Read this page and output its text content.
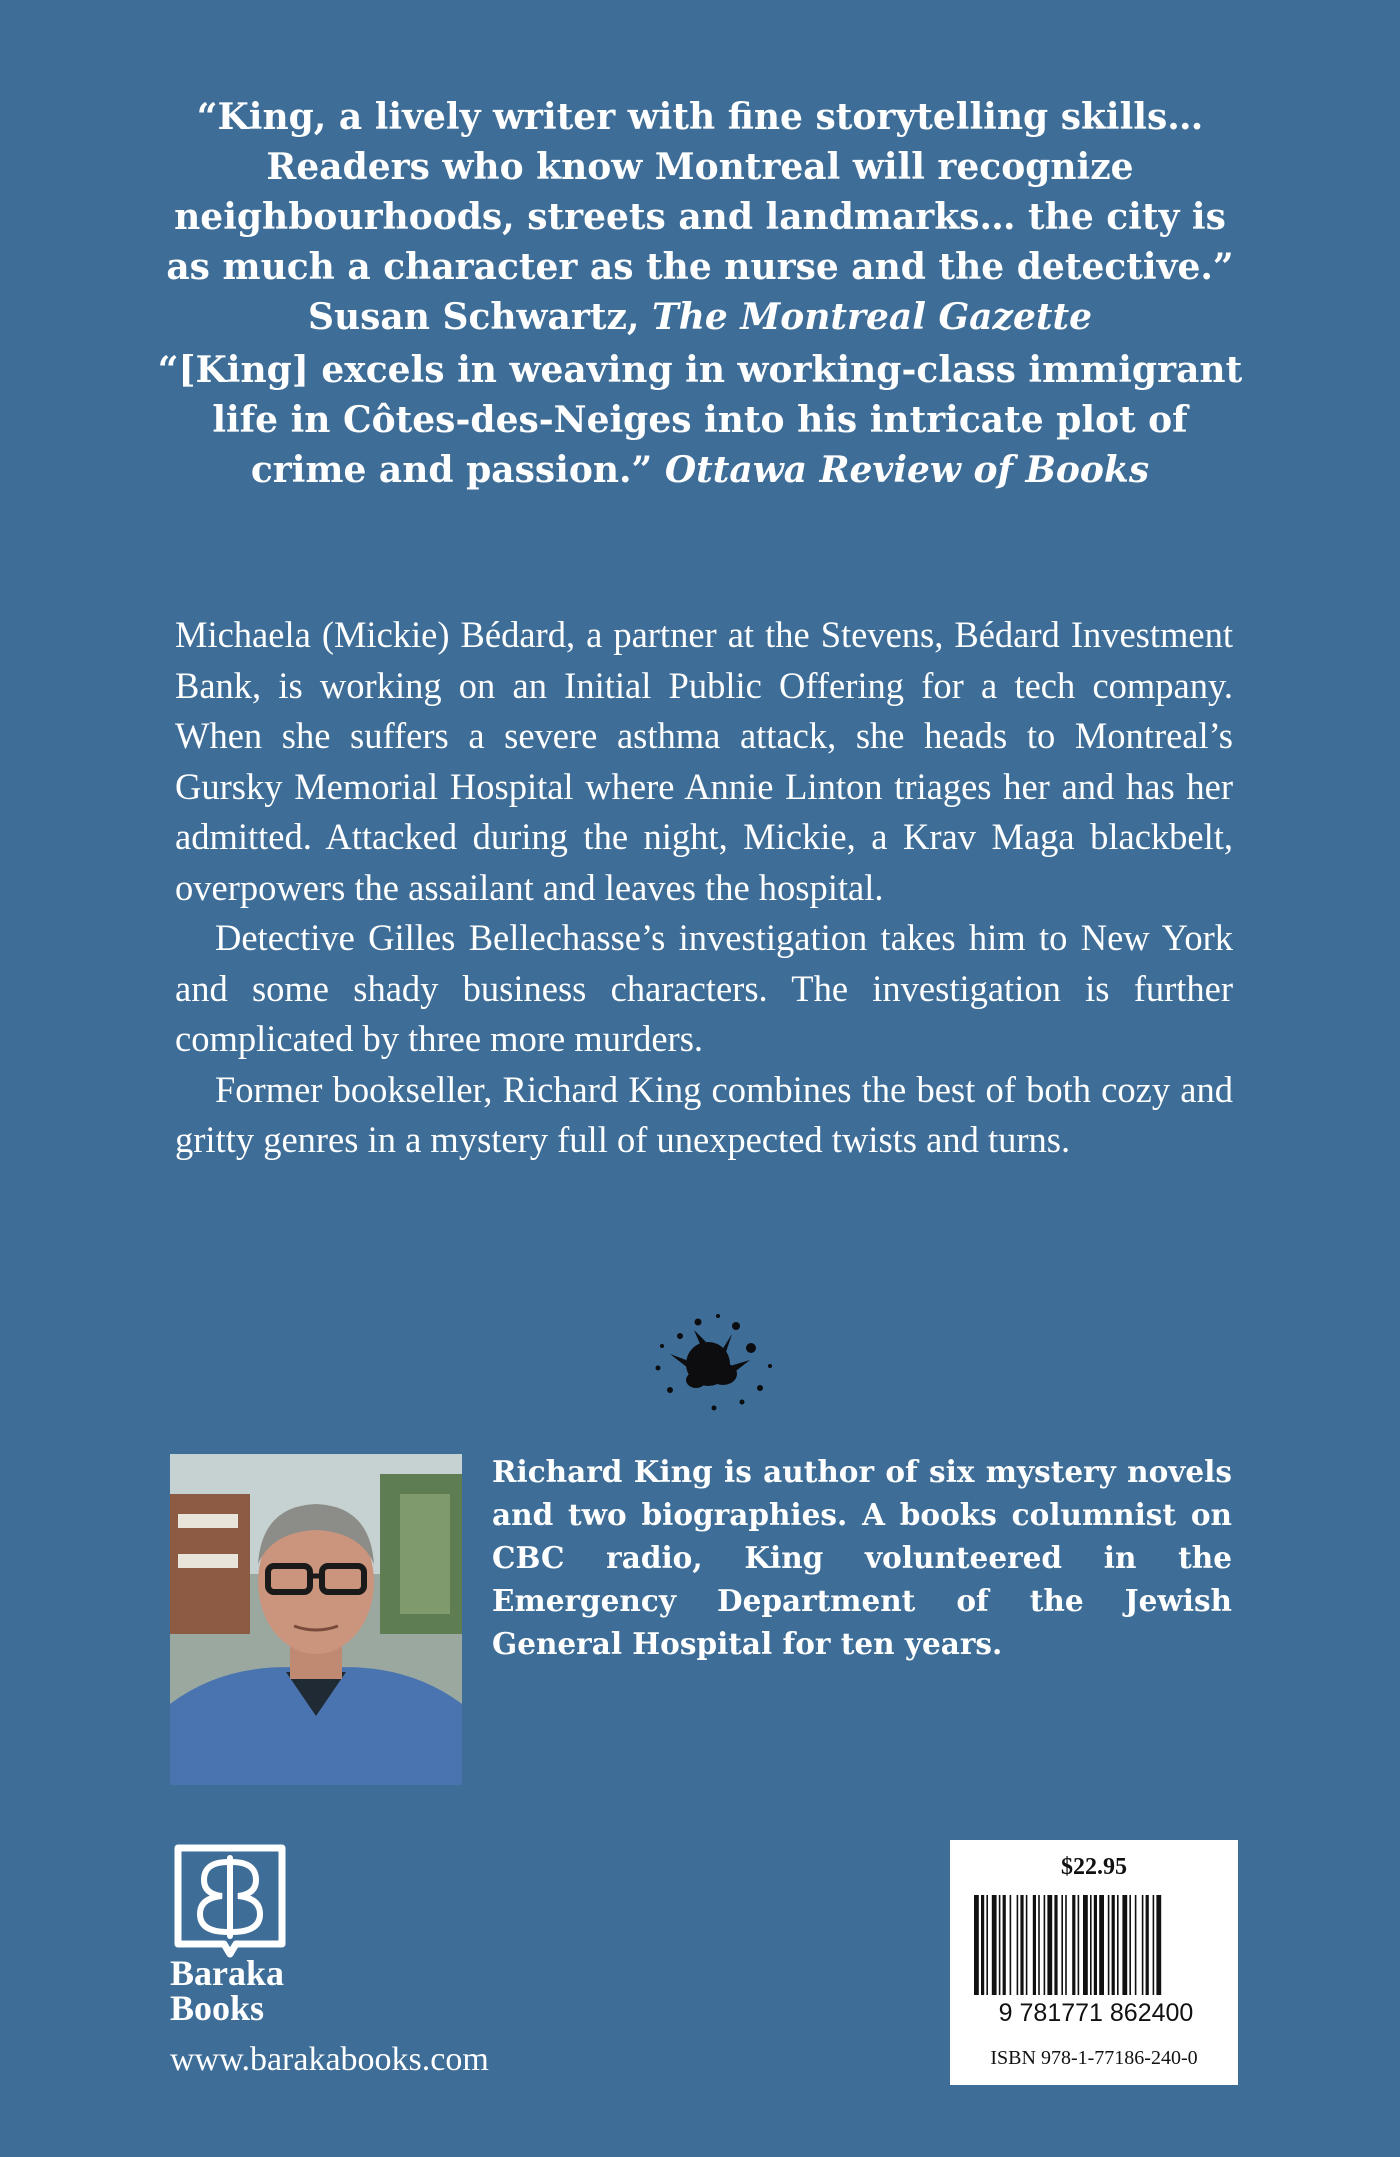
“King, a lively writer with fine storytelling skills… Readers who know Montreal will recognize neighbourhoods, streets and landmarks… the city is as much a character as the nurse and the detective.” Susan Schwartz, The Montreal Gazette
“[King] excels in weaving in working-class immigrant life in Côtes-des-Neiges into his intricate plot of crime and passion.” Ottawa Review of Books

Michaela (Mickie) Bédard, a partner at the Stevens, Bédard Investment Bank, is working on an Initial Public Offering for a tech company. When she suffers a severe asthma attack, she heads to Montreal’s Gursky Memorial Hospital where Annie Linton triages her and has her admitted. Attacked during the night, Mickie, a Krav Maga blackbelt, overpowers the assailant and leaves the hospital.

Detective Gilles Bellechasse’s investigation takes him to New York and some shady business characters. The investigation is further complicated by three more murders.

Former bookseller, Richard King combines the best of both cozy and gritty genres in a mystery full of unexpected twists and turns.

Richard King is author of six mystery novels and two biographies. A books columnist on CBC radio, King volunteered in the Emergency Department of the Jewish General Hospital for ten years.
Baraka
Books
www.barakabooks.com
$22.95
9 781771 862400
ISBN 978-1-77186-240-0
